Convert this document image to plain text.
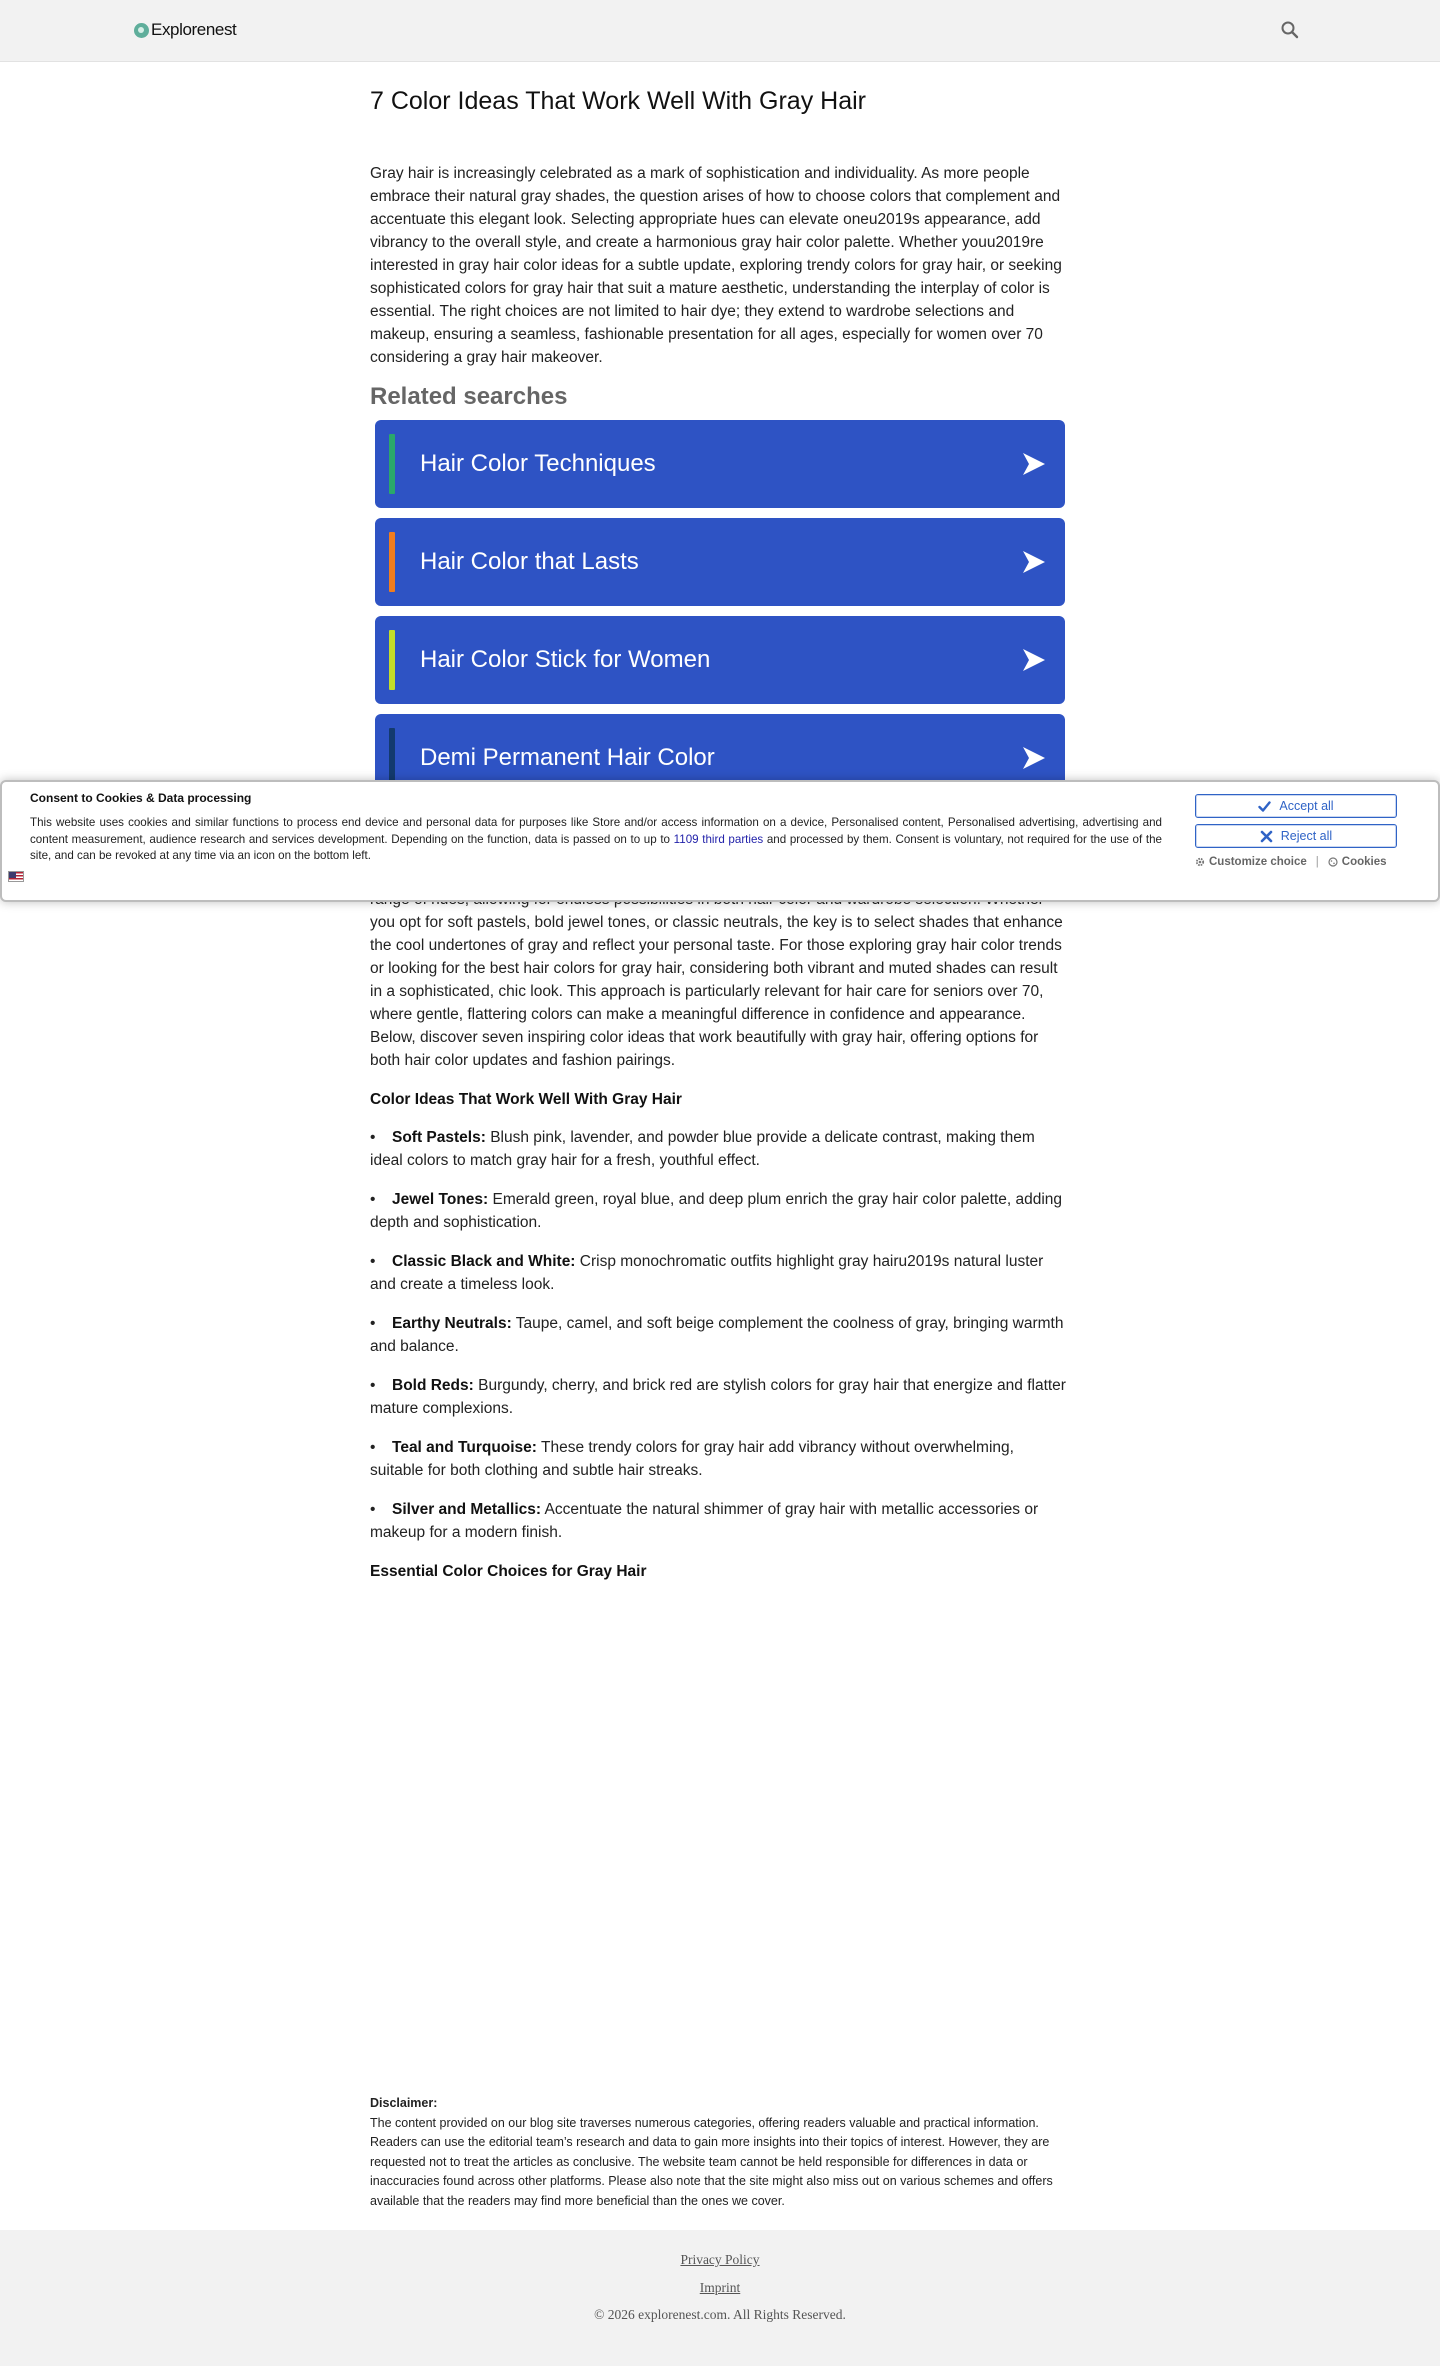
Explorenest
7 Color Ideas That Work Well With Gray Hair

Gray hair is increasingly celebrated as a mark of sophistication and individuality. As more people embrace their natural gray shades, the question arises of how to choose colors that complement and accentuate this elegant look. Selecting appropriate hues can elevate oneu2019s appearance, add vibrancy to the overall style, and create a harmonious gray hair color palette. Whether youu2019re interested in gray hair color ideas for a subtle update, exploring trendy colors for gray hair, or seeking sophisticated colors for gray hair that suit a mature aesthetic, understanding the interplay of color is essential. The right choices are not limited to hair dye; they extend to wardrobe selections and makeup, ensuring a seamless, fashionable presentation for all ages, especially for women over 70 considering a gray hair makeover.

Related searches
Hair Color Techniques
Hair Color that Lasts
Hair Color Stick for Women
Demi Permanent Hair Color

you opt for soft pastels, bold jewel tones, or classic neutrals, the key is to select shades that enhance the cool undertones of gray and reflect your personal taste. For those exploring gray hair color trends or looking for the best hair colors for gray hair, considering both vibrant and muted shades can result in a sophisticated, chic look. This approach is particularly relevant for hair care for seniors over 70, where gentle, flattering colors can make a meaningful difference in confidence and appearance. Below, discover seven inspiring color ideas that work beautifully with gray hair, offering options for both hair color updates and fashion pairings.

Color Ideas That Work Well With Gray Hair
• Soft Pastels: Blush pink, lavender, and powder blue provide a delicate contrast, making them ideal colors to match gray hair for a fresh, youthful effect.
• Jewel Tones: Emerald green, royal blue, and deep plum enrich the gray hair color palette, adding depth and sophistication.
• Classic Black and White: Crisp monochromatic outfits highlight gray hairu2019s natural luster and create a timeless look.
• Earthy Neutrals: Taupe, camel, and soft beige complement the coolness of gray, bringing warmth and balance.
• Bold Reds: Burgundy, cherry, and brick red are stylish colors for gray hair that energize and flatter mature complexions.
• Teal and Turquoise: These trendy colors for gray hair add vibrancy without overwhelming, suitable for both clothing and subtle hair streaks.
• Silver and Metallics: Accentuate the natural shimmer of gray hair with metallic accessories or makeup for a modern finish.
Essential Color Choices for Gray Hair
Disclaimer:

The content provided on our blog site traverses numerous categories, offering readers valuable and practical information. Readers can use the editorial team’s research and data to gain more insights into their topics of interest. However, they are requested not to treat the articles as conclusive. The website team cannot be held responsible for differences in data or inaccuracies found across other platforms. Please also note that the site might also miss out on various schemes and offers available that the readers may find more beneficial than the ones we cover.

Privacy Policy
Imprint
© 2026 explorenest.com. All Rights Reserved.
Consent to Cookies & Data processing
This website uses cookies and similar functions to process end device and personal data for purposes like Store and/or access information on a device, Personalised content, Personalised advertising, advertising and content measurement, audience research and services development. Depending on the function, data is passed on to up to 1109 third parties and processed by them. Consent is voluntary, not required for the use of the site, and can be revoked at any time via an icon on the bottom left.
Accept all
Reject all
Customize choice | Cookies
